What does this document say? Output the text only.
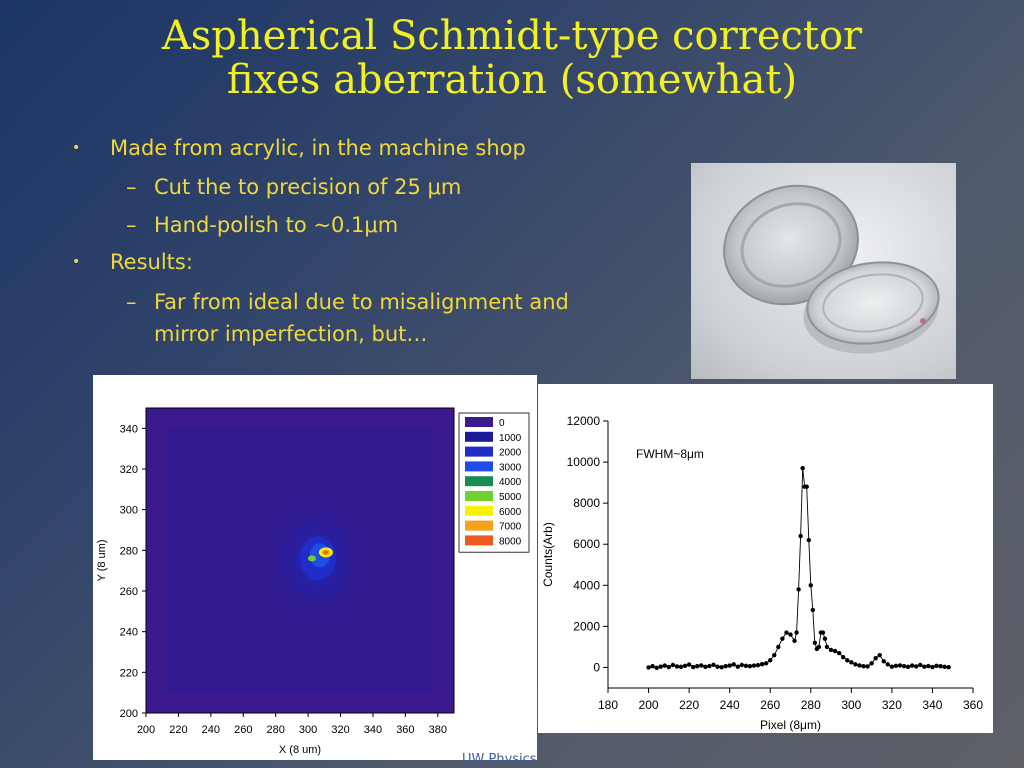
Aspherical Schmidt-type corrector
fixes aberration (somewhat)
• Made from acrylic, in the machine shop
– Cut the to precision of 25 μm
– Hand-polish to ~0.1μm
• Results:
– Far from ideal due to misalignment and
mirror imperfection, but…
200 220 240 260 280 300 320 340 360 380
200
220
240
260
280
300
320
340
X (8 um)
Y (8 um)
0
1000
2000
3000
4000
5000
6000
7000
8000
180 200 220 240 260 280 300 320 340 360
0
2000
4000
6000
8000
10000
12000
Pixel (8μm)
Counts(Arb)
FWHM~8μm
UW Physics
